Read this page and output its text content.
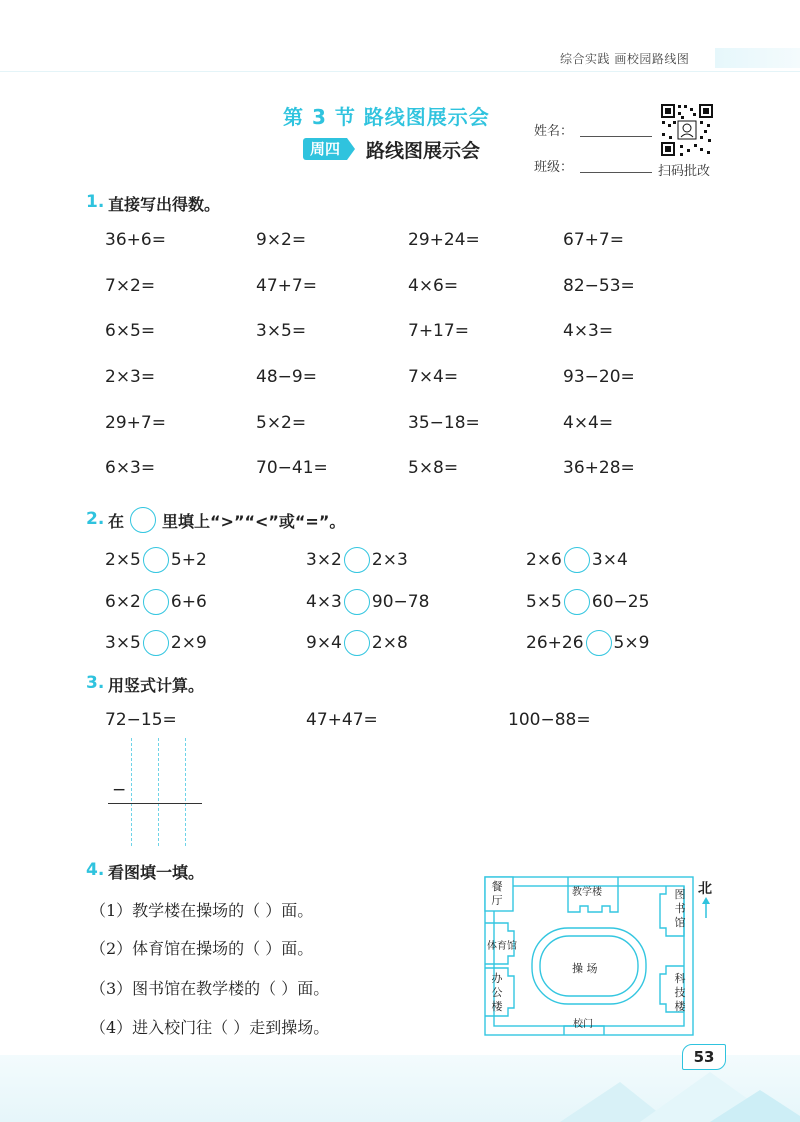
综合实践 画校园路线图
第 3 节 路线图展示会
周四	路线图展示会
姓名：
班级：	扫码批改
1. 直接写出得数。
36+6=	9×2=	29+24=	67+7=
7×2=	47+7=	4×6=	82−53=
6×5=	3×5=	7+17=	4×3=
2×3=	48−9=	7×4=	93−20=
29+7=	5×2=	35−18=	4×4=
6×3=	70−41=	5×8=	36+28=
2. 在 里填上“>”“<”或“=”。
2×5 5+2	3×2 2×3	2×6 3×4
6×2 6+6	4×3 90−78	5×5 60−25
3×5 2×9	9×4 2×8	26+26 5×9
3. 用竖式计算。
72−15=	47+47=	100−88=
−
4. 看图填一填。
（1）教学楼在操场的（ ）面。
（2）体育馆在操场的（ ）面。
（3）图书馆在教学楼的（ ）面。
（4）进入校门往（ ）走到操场。
餐厅
教学楼	图书馆
体育馆
操 场
办公楼
科技楼
校门
北
53
